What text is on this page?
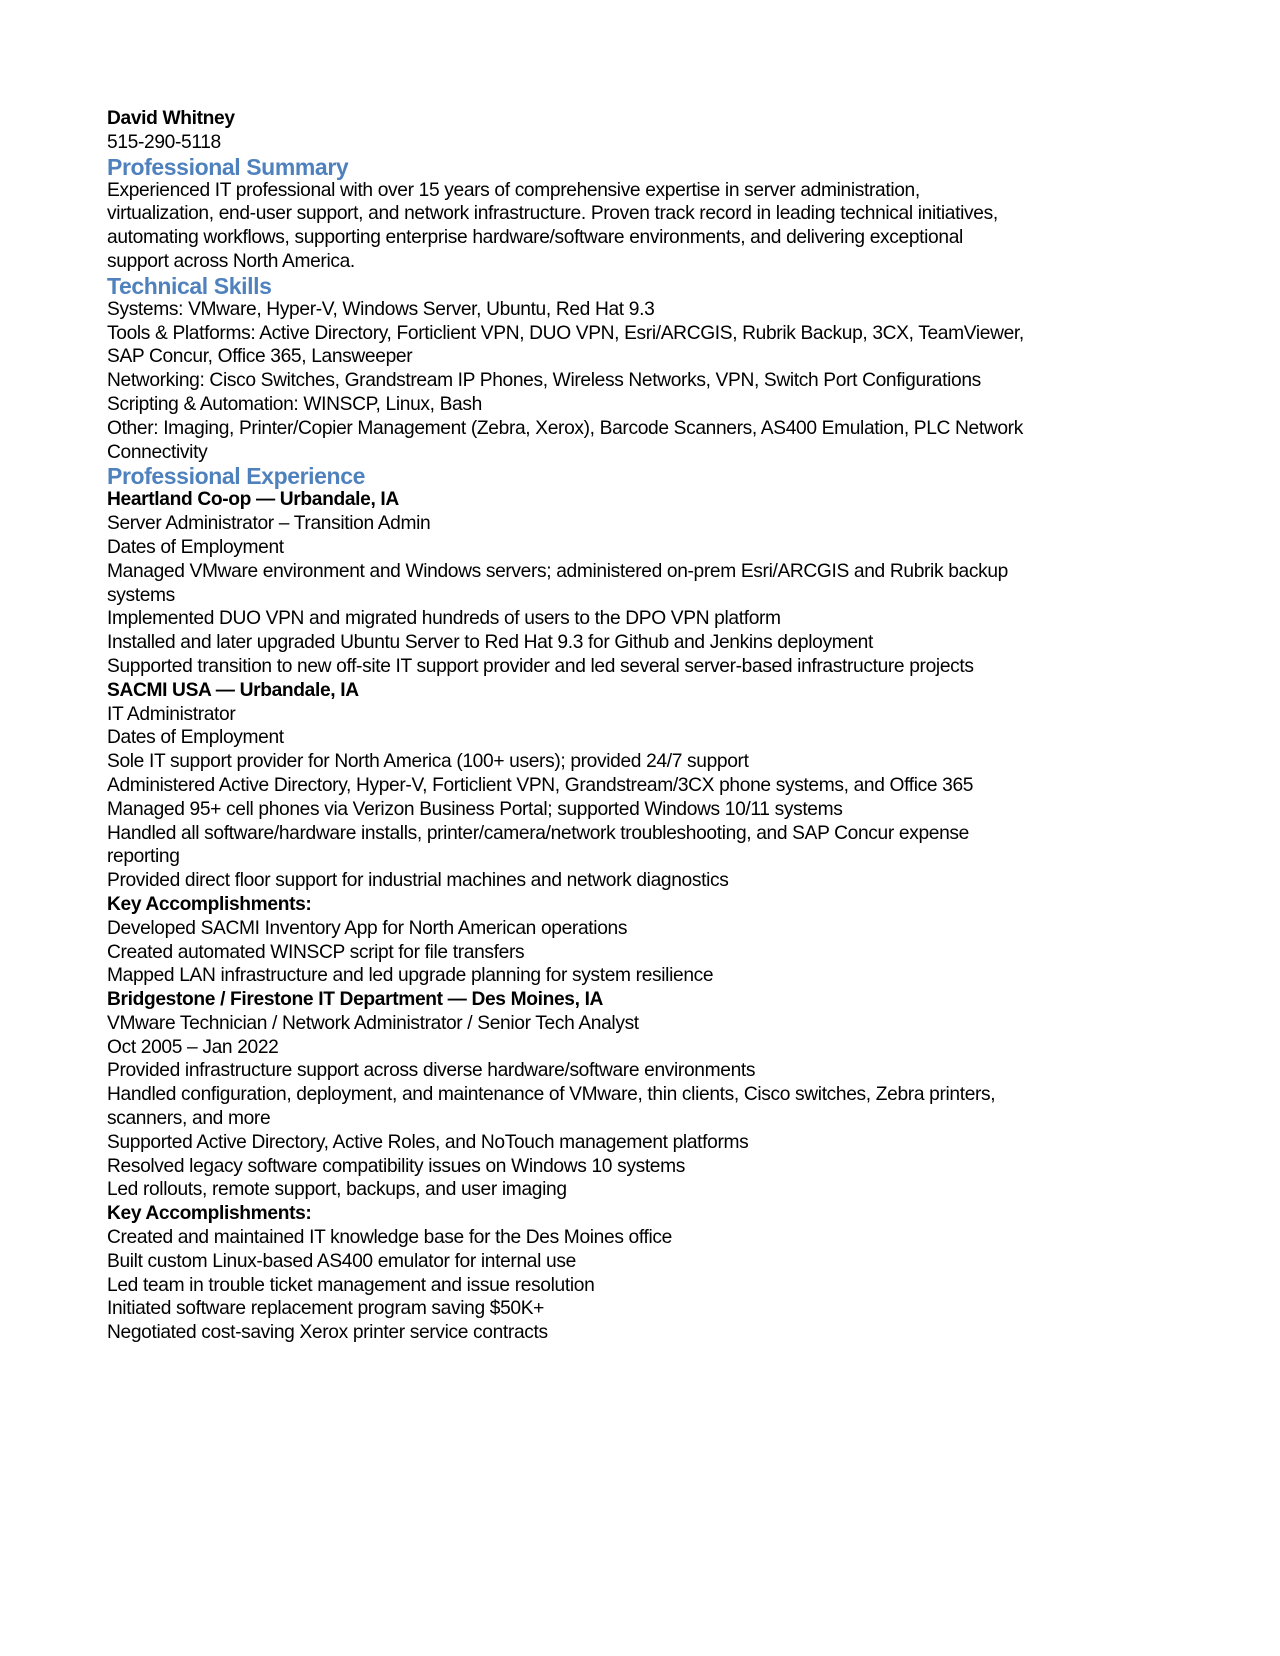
David Whitney
515-290-5118
Professional Summary
Experienced IT professional with over 15 years of comprehensive expertise in server administration,
virtualization, end-user support, and network infrastructure. Proven track record in leading technical initiatives,
automating workflows, supporting enterprise hardware/software environments, and delivering exceptional
support across North America.
Technical Skills
Systems: VMware, Hyper-V, Windows Server, Ubuntu, Red Hat 9.3
Tools & Platforms: Active Directory, Forticlient VPN, DUO VPN, Esri/ARCGIS, Rubrik Backup, 3CX, TeamViewer,
SAP Concur, Office 365, Lansweeper
Networking: Cisco Switches, Grandstream IP Phones, Wireless Networks, VPN, Switch Port Configurations
Scripting & Automation: WINSCP, Linux, Bash
Other: Imaging, Printer/Copier Management (Zebra, Xerox), Barcode Scanners, AS400 Emulation, PLC Network
Connectivity
Professional Experience
Heartland Co-op — Urbandale, IA
Server Administrator – Transition Admin
Dates of Employment
Managed VMware environment and Windows servers; administered on-prem Esri/ARCGIS and Rubrik backup
systems
Implemented DUO VPN and migrated hundreds of users to the DPO VPN platform
Installed and later upgraded Ubuntu Server to Red Hat 9.3 for Github and Jenkins deployment
Supported transition to new off-site IT support provider and led several server-based infrastructure projects
SACMI USA — Urbandale, IA
IT Administrator
Dates of Employment
Sole IT support provider for North America (100+ users); provided 24/7 support
Administered Active Directory, Hyper-V, Forticlient VPN, Grandstream/3CX phone systems, and Office 365
Managed 95+ cell phones via Verizon Business Portal; supported Windows 10/11 systems
Handled all software/hardware installs, printer/camera/network troubleshooting, and SAP Concur expense
reporting
Provided direct floor support for industrial machines and network diagnostics
Key Accomplishments:
Developed SACMI Inventory App for North American operations
Created automated WINSCP script for file transfers
Mapped LAN infrastructure and led upgrade planning for system resilience
Bridgestone / Firestone IT Department — Des Moines, IA
VMware Technician / Network Administrator / Senior Tech Analyst
Oct 2005 – Jan 2022
Provided infrastructure support across diverse hardware/software environments
Handled configuration, deployment, and maintenance of VMware, thin clients, Cisco switches, Zebra printers,
scanners, and more
Supported Active Directory, Active Roles, and NoTouch management platforms
Resolved legacy software compatibility issues on Windows 10 systems
Led rollouts, remote support, backups, and user imaging
Key Accomplishments:
Created and maintained IT knowledge base for the Des Moines office
Built custom Linux-based AS400 emulator for internal use
Led team in trouble ticket management and issue resolution
Initiated software replacement program saving $50K+
Negotiated cost-saving Xerox printer service contracts
